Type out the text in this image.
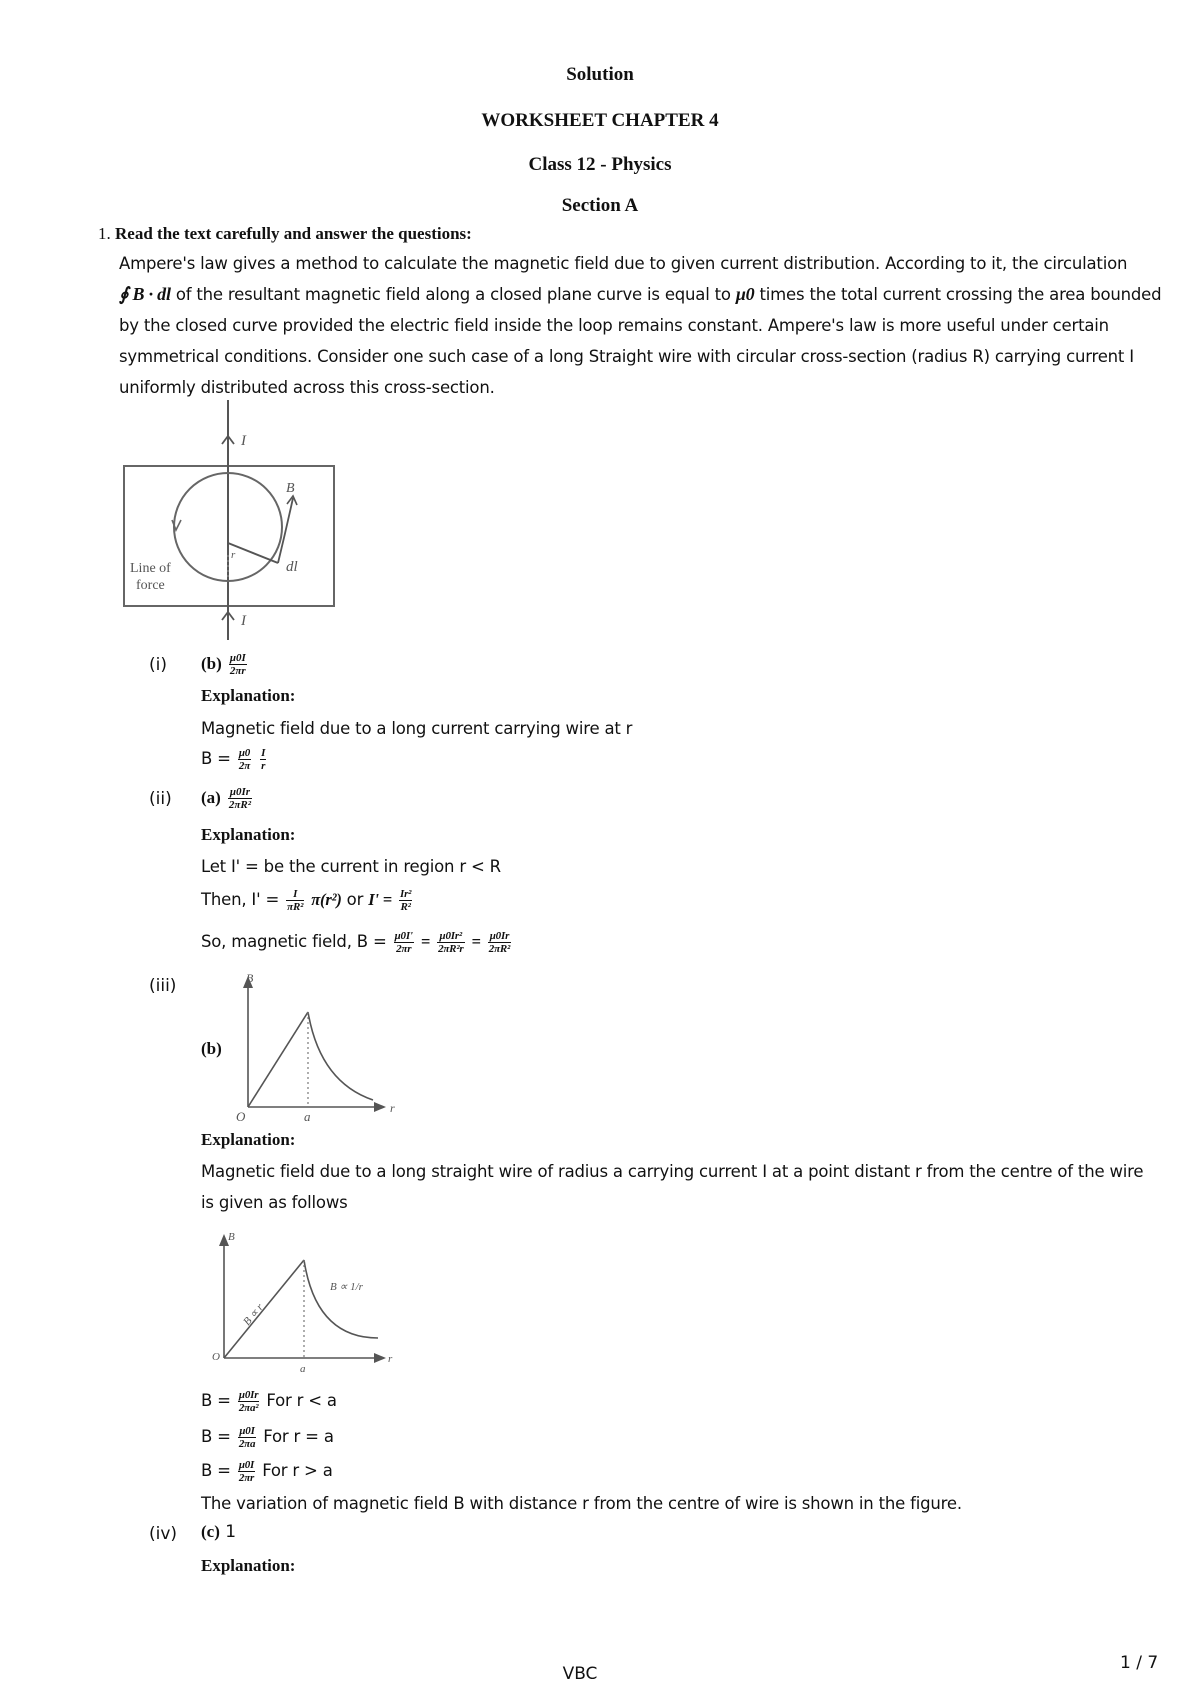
Solution
WORKSHEET CHAPTER 4
Class 12 - Physics
Section A
1. Read the text carefully and answer the questions:
Ampere's law gives a method to calculate the magnetic field due to given current distribution. According to it, the circulation
∮ B · dl of the resultant magnetic field along a closed plane curve is equal to μ0 times the total current crossing the area bounded
by the closed curve provided the electric field inside the loop remains constant. Ampere's law is more useful under certain
symmetrical conditions. Consider one such case of a long Straight wire with circular cross-section (radius R) carrying current I
uniformly distributed across this cross-section.
I
I
B
dl
r
Line of
force
(i) $(b) \frac{\mu 0I}{2\pi r}$
Explanation:
Magnetic field due to a long current carrying wire at r
$B = \frac{\mu 0}{2\pi}$
$\frac{I}{r}$
(ii) $(a) \frac{\mu 0Ir}{\text{2πR²}}$
Explanation:
Let I' = be the current in region r < R
Then, $I' = \frac{I}{\text{πR²}} \pi(r^2)$ or $I' = \frac{\text{Ir²}}{\text{R²}}$
So, magnetic field, $B = \frac{\mu 0I'}{2\pi r} = \frac{\text{μ0Ir²}}{\text{2πR²r}} = \frac{\mu 0Ir}{\text{2πR²}}$
(iii)
(b)
B
r
O	a
Explanation:
Magnetic field due to a long straight wire of radius a carrying current I at a point distant r from the centre of the wire
is given as follows
B
r
O
a
B ∝ r
B ∝ 1/r
$B = \frac{\mu 0Ir}{\text{2πa²}}$ For r < a
$B = \frac{\mu 0I}{2\pi a}$ For r = a
$B = \frac{\mu 0I}{2\pi r}$ For r > a
The variation of magnetic field B with distance r from the centre of wire is shown in the figure.
(iv) (c) 1
Explanation:
VBC
1 / 7
